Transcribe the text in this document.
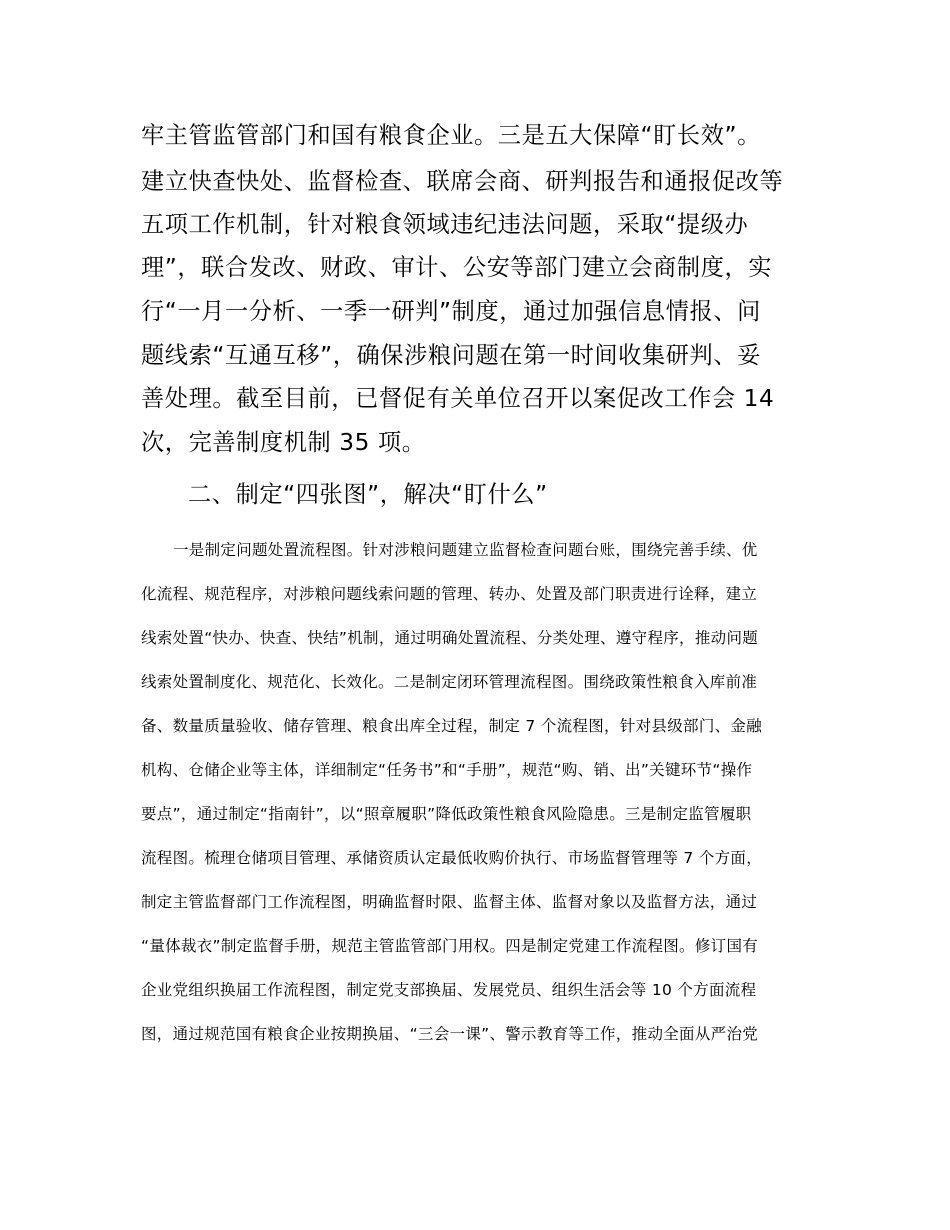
牢主管监管部门和国有粮食企业。三是五大保障“盯长效”。

建立快查快处、监督检查、联席会商、研判报告和通报促改等

五项工作机制，针对粮食领域违纪违法问题，采取“提级办

理”，联合发改、财政、审计、公安等部门建立会商制度，实

行“一月一分析、一季一研判”制度，通过加强信息情报、问

题线索“互通互移”，确保涉粮问题在第一时间收集研判、妥

善处理。截至目前，已督促有关单位召开以案促改工作会 14

次，完善制度机制 35 项。

二、制定“四张图”，解决“盯什么”

一是制定问题处置流程图。针对涉粮问题建立监督检查问题台账，围绕完善手续、优

化流程、规范程序，对涉粮问题线索问题的管理、转办、处置及部门职责进行诠释，建立

线索处置“快办、快查、快结”机制，通过明确处置流程、分类处理、遵守程序，推动问题

线索处置制度化、规范化、长效化。二是制定闭环管理流程图。围绕政策性粮食入库前准

备、数量质量验收、储存管理、粮食出库全过程，制定 7 个流程图，针对县级部门、金融

机构、仓储企业等主体，详细制定“任务书”和“手册”，规范“购、销、出”关键环节“操作

要点”，通过制定“指南针”，以“照章履职”降低政策性粮食风险隐患。三是制定监管履职

流程图。梳理仓储项目管理、承储资质认定最低收购价执行、市场监督管理等 7 个方面，

制定主管监督部门工作流程图，明确监督时限、监督主体、监督对象以及监督方法，通过

“量体裁衣”制定监督手册，规范主管监管部门用权。四是制定党建工作流程图。修订国有

企业党组织换届工作流程图，制定党支部换届、发展党员、组织生活会等 10 个方面流程

图，通过规范国有粮食企业按期换届、“三会一课”、警示教育等工作，推动全面从严治党
